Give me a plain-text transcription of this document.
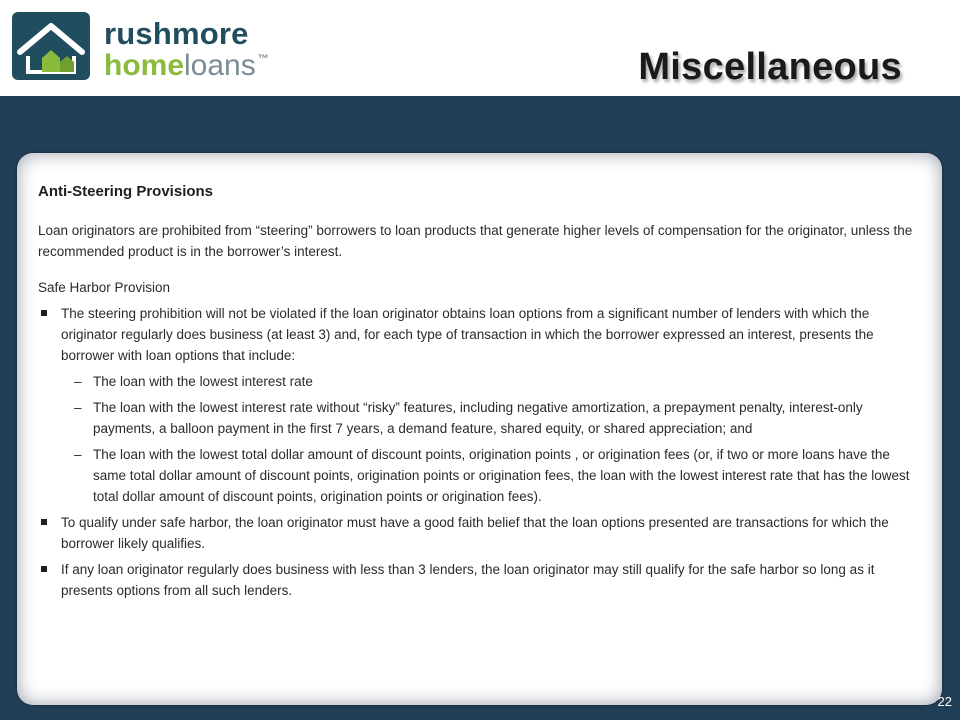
rushmore
homeloans ™	Miscellaneous
Anti-Steering Provisions

Loan originators are prohibited from “steering” borrowers to loan products that generate higher levels of compensation for the originator, unless the recommended product is in the borrower’s interest.

Safe Harbor Provision
The steering prohibition will not be violated if the loan originator obtains loan options from a significant number of lenders with which the originator regularly does business (at least 3) and, for each type of transaction in which the borrower expressed an interest, presents the borrower with loan options that include:
– The loan with the lowest interest rate
– The loan with the lowest interest rate without “risky” features, including negative amortization, a prepayment penalty, interest-only payments, a balloon payment in the first 7 years, a demand feature, shared equity, or shared appreciation; and
– The loan with the lowest total dollar amount of discount points, origination points , or origination fees (or, if two or more loans have the same total dollar amount of discount points, origination points or origination fees, the loan with the lowest interest rate that has the lowest total dollar amount of discount points, origination points or origination fees).
To qualify under safe harbor, the loan originator must have a good faith belief that the loan options presented are transactions for which the borrower likely qualifies.
If any loan originator regularly does business with less than 3 lenders, the loan originator may still qualify for the safe harbor so long as it presents options from all such lenders.
22
